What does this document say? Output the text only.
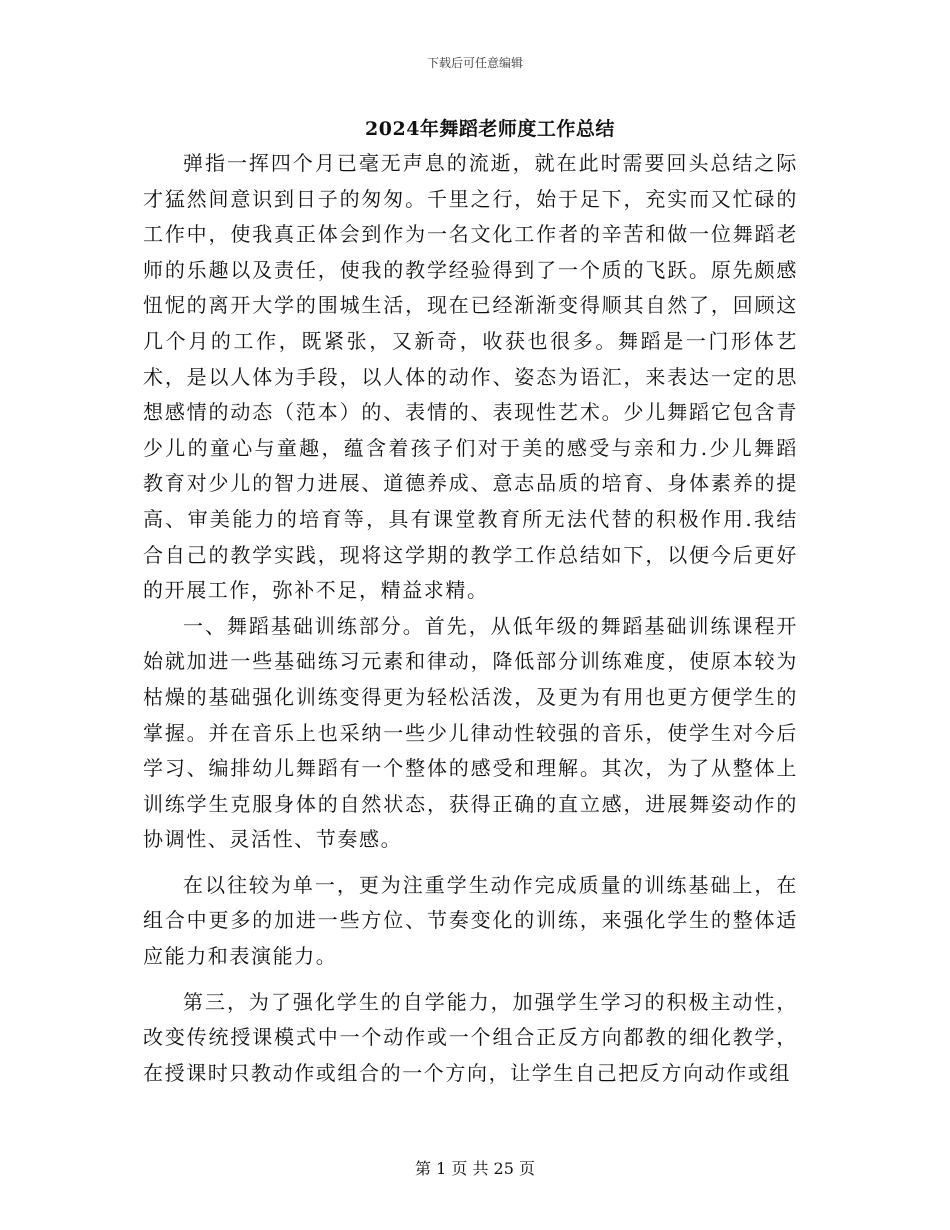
下载后可任意编辑
2024年舞蹈老师度工作总结

弹指一挥四个月已毫无声息的流逝，就在此时需要回头总结之际才猛然间意识到日子的匆匆。千里之行，始于足下，充实而又忙碌的工作中，使我真正体会到作为一名文化工作者的辛苦和做一位舞蹈老师的乐趣以及责任，使我的教学经验得到了一个质的飞跃。原先颇感忸怩的离开大学的围城生活，现在已经渐渐变得顺其自然了，回顾这几个月的工作，既紧张，又新奇，收获也很多。舞蹈是一门形体艺术，是以人体为手段，以人体的动作、姿态为语汇，来表达一定的思想感情的动态（范本）的、表情的、表现性艺术。少儿舞蹈它包含青少儿的童心与童趣，蕴含着孩子们对于美的感受与亲和力.少儿舞蹈教育对少儿的智力进展、道德养成、意志品质的培育、身体素养的提高、审美能力的培育等，具有课堂教育所无法代替的积极作用.我结合自己的教学实践，现将这学期的教学工作总结如下，以便今后更好的开展工作，弥补不足，精益求精。

一、舞蹈基础训练部分。首先，从低年级的舞蹈基础训练课程开始就加进一些基础练习元素和律动，降低部分训练难度，使原本较为枯燥的基础强化训练变得更为轻松活泼，及更为有用也更方便学生的掌握。并在音乐上也采纳一些少儿律动性较强的音乐，使学生对今后学习、编排幼儿舞蹈有一个整体的感受和理解。其次，为了从整体上训练学生克服身体的自然状态，获得正确的直立感，进展舞姿动作的协调性、灵活性、节奏感。

在以往较为单一，更为注重学生动作完成质量的训练基础上，在组合中更多的加进一些方位、节奏变化的训练，来强化学生的整体适应能力和表演能力。

第三，为了强化学生的自学能力，加强学生学习的积极主动性，改变传统授课模式中一个动作或一个组合正反方向都教的细化教学，在授课时只教动作或组合的一个方向，让学生自己把反方向动作或组

第 1 页 共 25 页
